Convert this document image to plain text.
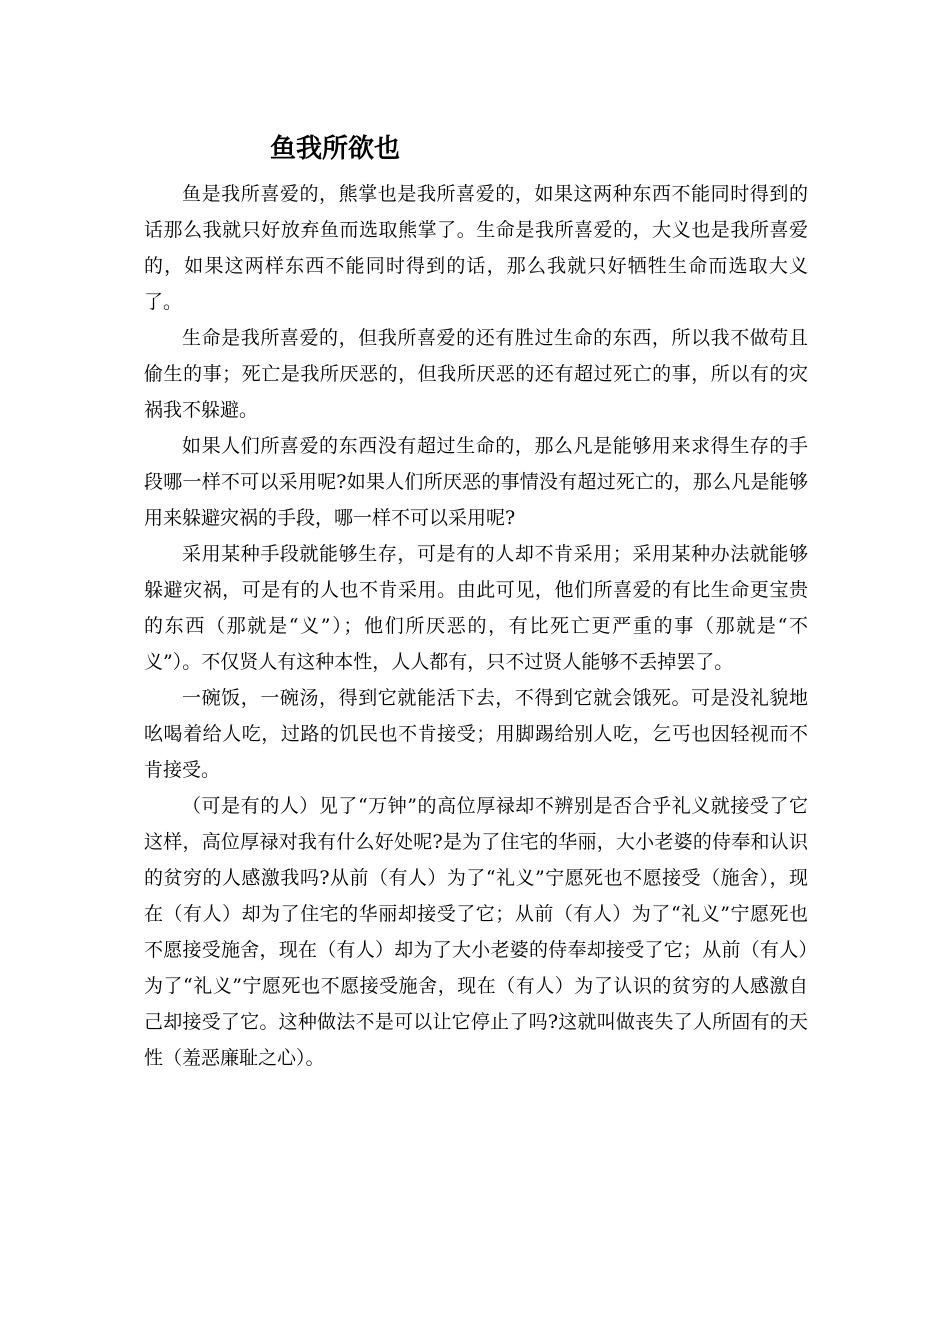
鱼我所欲也

鱼是我所喜爱的，熊掌也是我所喜爱的，如果这两种东西不能同时得到的话那么我就只好放弃鱼而选取熊掌了。生命是我所喜爱的，大义也是我所喜爱的，如果这两样东西不能同时得到的话，那么我就只好牺牲生命而选取大义了。

生命是我所喜爱的，但我所喜爱的还有胜过生命的东西，所以我不做苟且偷生的事；死亡是我所厌恶的，但我所厌恶的还有超过死亡的事，所以有的灾祸我不躲避。

如果人们所喜爱的东西没有超过生命的，那么凡是能够用来求得生存的手段哪一样不可以采用呢?如果人们所厌恶的事情没有超过死亡的，那么凡是能够用来躲避灾祸的手段，哪一样不可以采用呢?

采用某种手段就能够生存，可是有的人却不肯采用；采用某种办法就能够躲避灾祸，可是有的人也不肯采用。由此可见，他们所喜爱的有比生命更宝贵的东西（那就是“义”）；他们所厌恶的，有比死亡更严重的事（那就是“不义”）。不仅贤人有这种本性，人人都有，只不过贤人能够不丢掉罢了。

一碗饭，一碗汤，得到它就能活下去，不得到它就会饿死。可是没礼貌地吆喝着给人吃，过路的饥民也不肯接受；用脚踢给别人吃，乞丐也因轻视而不肯接受。

（可是有的人）见了“万钟”的高位厚禄却不辨别是否合乎礼义就接受了它这样，高位厚禄对我有什么好处呢?是为了住宅的华丽，大小老婆的侍奉和认识的贫穷的人感激我吗?从前（有人）为了“礼义”宁愿死也不愿接受（施舍），现在（有人）却为了住宅的华丽却接受了它；从前（有人）为了“礼义”宁愿死也不愿接受施舍，现在（有人）却为了大小老婆的侍奉却接受了它；从前（有人）为了“礼义”宁愿死也不愿接受施舍，现在（有人）为了认识的贫穷的人感激自己却接受了它。这种做法不是可以让它停止了吗?这就叫做丧失了人所固有的天性（羞恶廉耻之心）。
